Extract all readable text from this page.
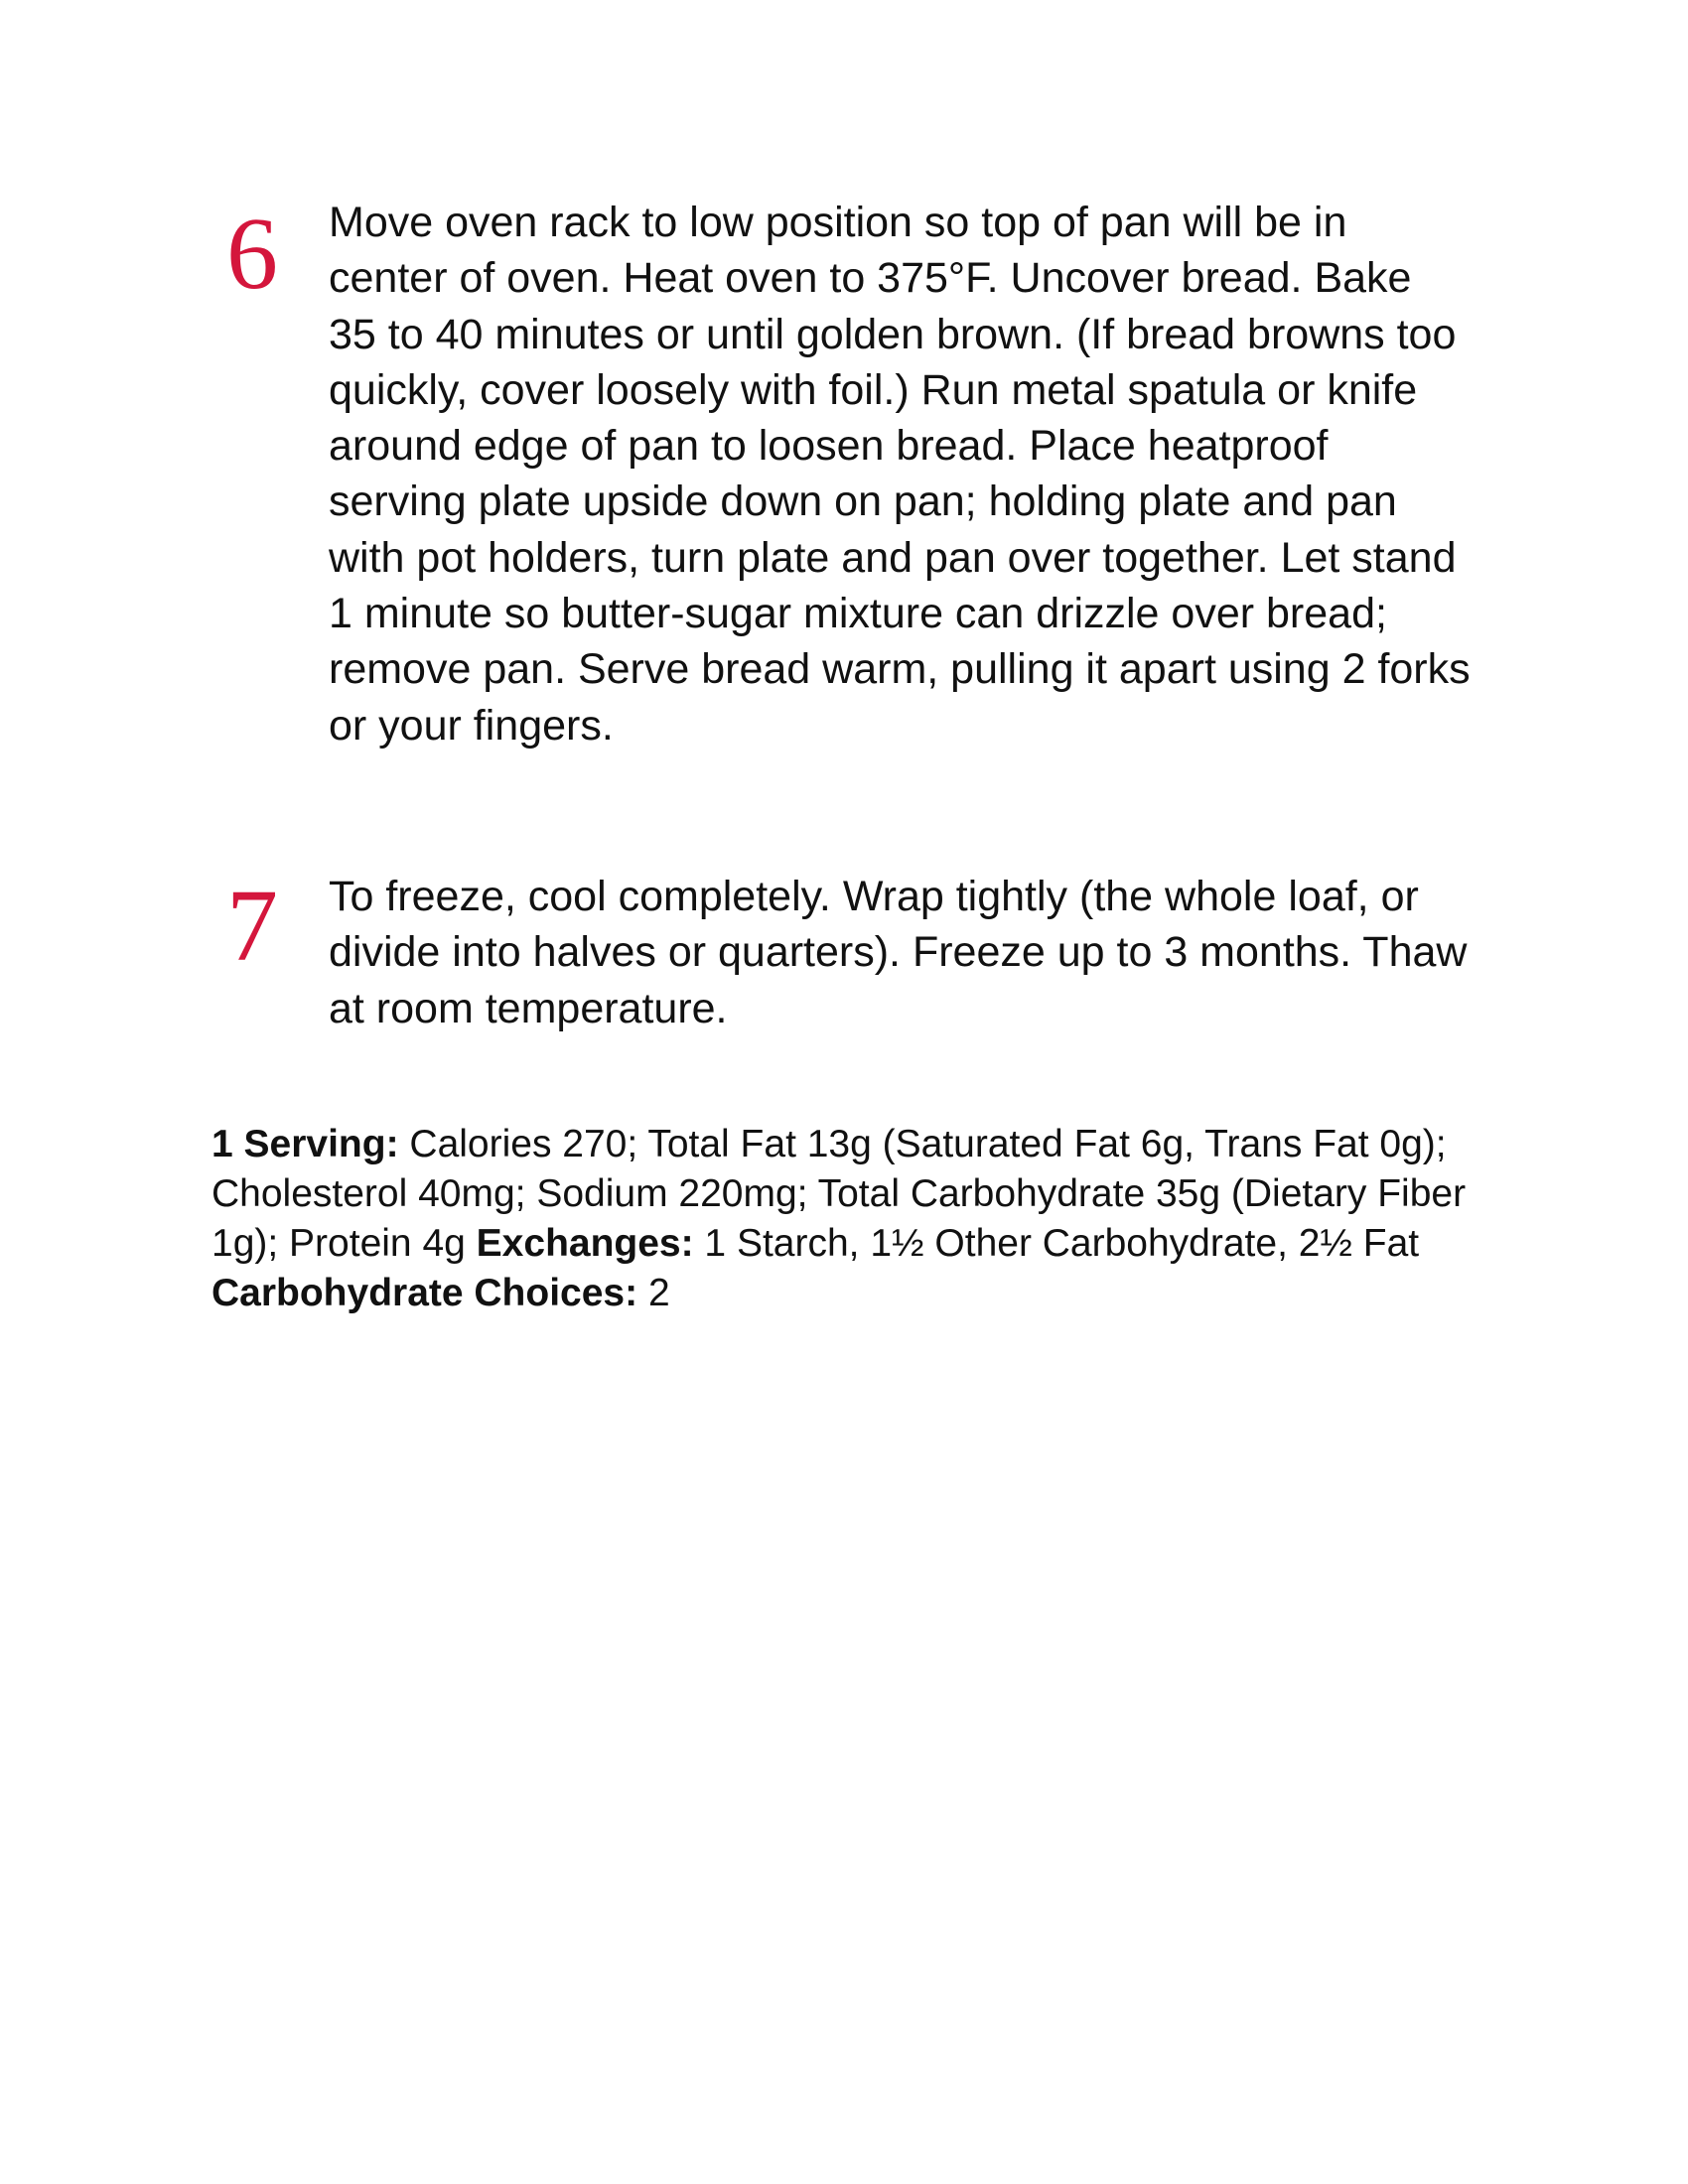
6 Move oven rack to low position so top of pan will be in center of oven. Heat oven to 375°F. Uncover bread. Bake 35 to 40 minutes or until golden brown. (If bread browns too quickly, cover loosely with foil.) Run metal spatula or knife around edge of pan to loosen bread. Place heatproof serving plate upside down on pan; holding plate and pan with pot holders, turn plate and pan over together. Let stand 1 minute so butter-sugar mixture can drizzle over bread; remove pan. Serve bread warm, pulling it apart using 2 forks or your fingers.

7 To freeze, cool completely. Wrap tightly (the whole loaf, or divide into halves or quarters). Freeze up to 3 months. Thaw at room temperature.

1 Serving: Calories 270; Total Fat 13g (Saturated Fat 6g, Trans Fat 0g); Cholesterol 40mg; Sodium 220mg; Total Carbohydrate 35g (Dietary Fiber 1g); Protein 4g Exchanges: 1 Starch, 1½ Other Carbohydrate, 2½ Fat Carbohydrate Choices: 2
